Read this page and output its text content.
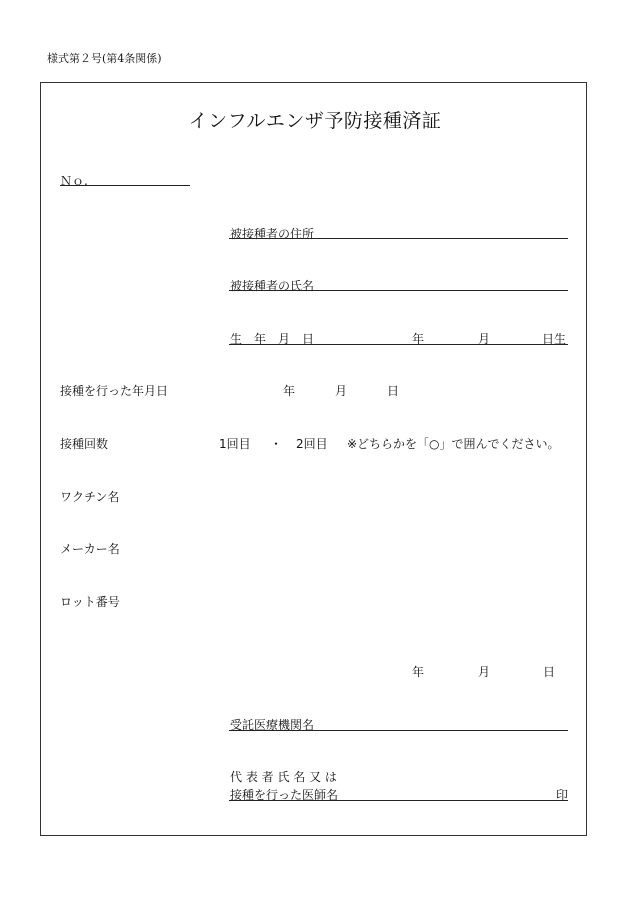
様式第２号(第4条関係)
インフルエンザ予防接種済証
Ｎｏ.
被接種者の住所
被接種者の氏名
生　年　月　日	年	月	日生
接種を行った年月日	年	月	日
接種回数	1回目 ・ 2回目 ※どちらかを「○」で囲んでください。
ワクチン名
メーカー名
ロット番号
年	月	日
受託医療機関名
代 表 者 氏 名 又 は
接種を行った医師名	印
